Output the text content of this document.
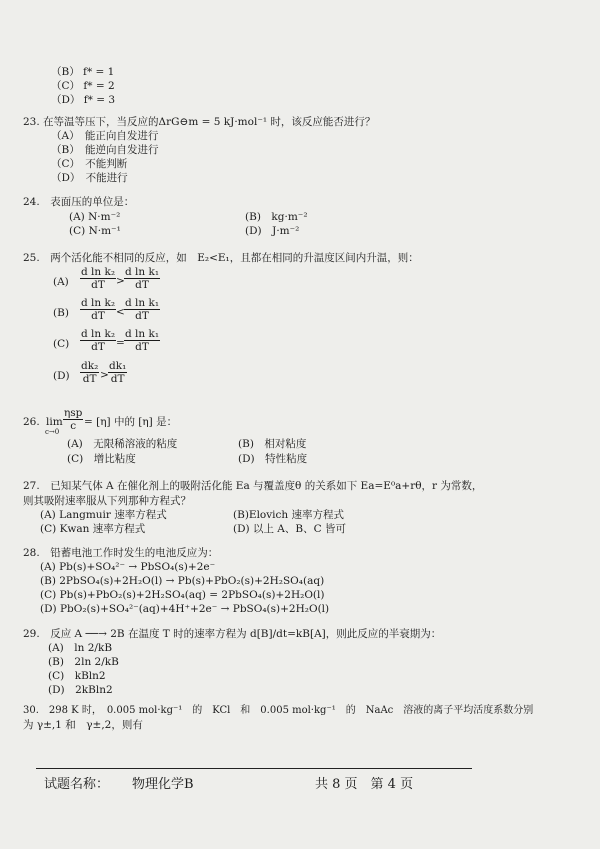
（B） f* = 1
（C） f* = 2
（D） f* = 3
23. 在等温等压下，当反应的ΔrG⊖m = 5 kJ·mol⁻¹ 时，该反应能否进行？
（A）　能正向自发进行
（B）　能逆向自发进行
（C）　不能判断
（D）　不能进行
24.　表面压的单位是：
(A) N·m⁻²	(B)　kg·m⁻²
(C) N·m⁻¹	(D)　J·m⁻²
25.　两个活化能不相同的反应，如　E₂<E₁，且都在相同的升温度区间内升温，则：
$(A) \frac{\text{d ln k₂}}{dT} > \frac{\text{d ln k₁}}{dT}$
$(B) \frac{\text{d ln k₂}}{dT} < \frac{\text{d ln k₁}}{dT}$
$(C) \frac{\text{d ln k₂}}{dT} = \frac{\text{d ln k₁}}{dT}$
$(D) \frac{\text{dk₂}}{dT} > \frac{\text{dk₁}}{dT}$
26. lim
c→0
ηsp
c = [η] 中的 [η] 是：
(A)　无限稀溶液的粘度	(B)　相对粘度
(C)　增比粘度	(D)　特性粘度
27.　已知某气体 A 在催化剂上的吸附活化能 Ea 与覆盖度θ 的关系如下 Ea=E⁰a+rθ，r 为常数，
则其吸附速率服从下列那种方程式？
(A) Langmuir 速率方程式	(B)Elovich 速率方程式
(C) Kwan 速率方程式	(D) 以上 A、B、C 皆可
28.　铅蓄电池工作时发生的电池反应为：
(A) Pb(s)+SO₄²⁻ → PbSO₄(s)+2e⁻
(B) 2PbSO₄(s)+2H₂O(l) → Pb(s)+PbO₂(s)+2H₂SO₄(aq)
(C) Pb(s)+PbO₂(s)+2H₂SO₄(aq) = 2PbSO₄(s)+2H₂O(l)
(D) PbO₂(s)+SO₄²⁻(aq)+4H⁺+2e⁻ → PbSO₄(s)+2H₂O(l)
29.　反应 A ──→ 2B 在温度 T 时的速率方程为 d[B]/dt=kB[A]，则此反应的半衰期为：
(A)　ln 2/kB
(B)　2ln 2/kB
(C)　kBln2
(D)　2kBln2
30.　298 K 时，　0.005 mol·kg⁻¹　的　KCl　和　0.005 mol·kg⁻¹　的　NaAc　溶液的离子平均活度系数分别
为 γ±,1 和　γ±,2，则有
试题名称： 物理化学B	共 8 页　第 4 页
